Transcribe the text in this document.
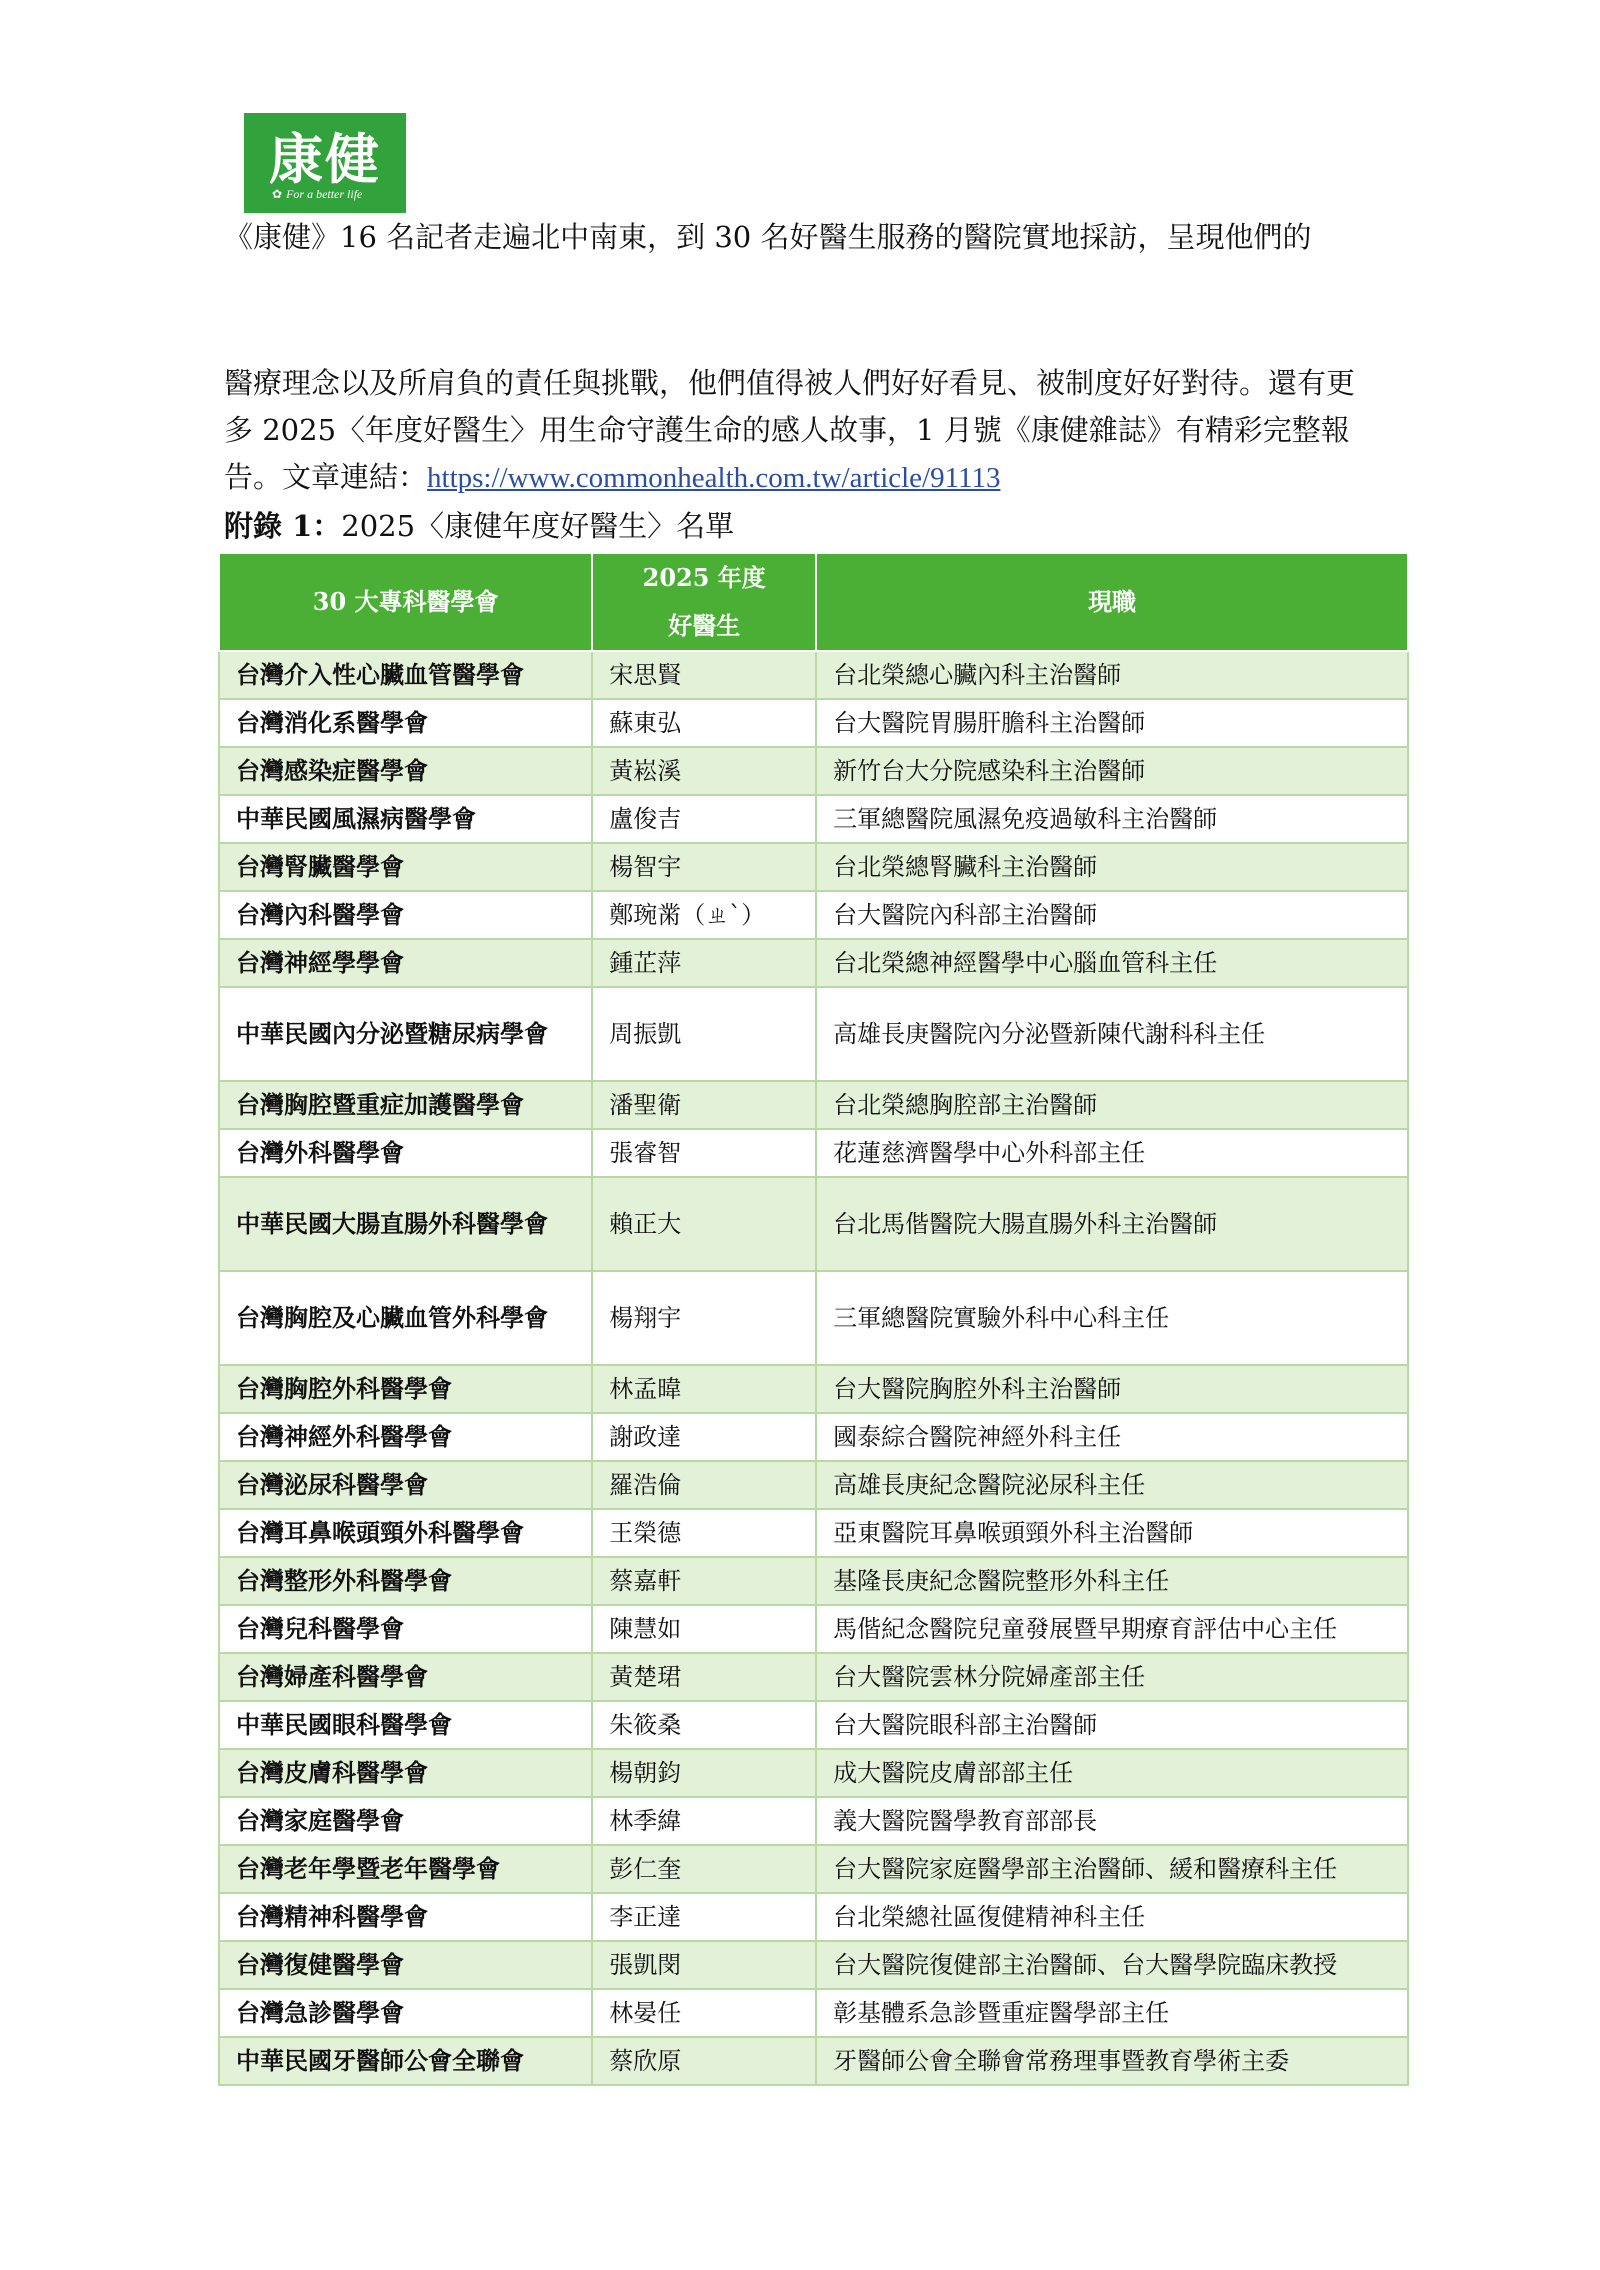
康健
✿ For a better life
《康健》16 名記者走遍北中南東，到 30 名好醫生服務的醫院實地採訪，呈現他們的
醫療理念以及所肩負的責任與挑戰，他們值得被人們好好看見、被制度好好對待。還有更多 2025〈年度好醫生〉用生命守護生命的感人故事，1 月號《康健雜誌》有精彩完整報告。文章連結：https://www.commonhealth.com.tw/article/91113
附錄 1：2025〈康健年度好醫生〉名單
30 大專科醫學會	2025 年度好醫生	現職
台灣介入性心臟血管醫學會	宋思賢	台北榮總心臟內科主治醫師
台灣消化系醫學會	蘇東弘	台大醫院胃腸肝膽科主治醫師
台灣感染症醫學會	黃崧溪	新竹台大分院感染科主治醫師
中華民國風濕病醫學會	盧俊吉	三軍總醫院風濕免疫過敏科主治醫師
台灣腎臟醫學會	楊智宇	台北榮總腎臟科主治醫師
台灣內科醫學會	鄭琬黹（ㄓˋ）	台大醫院內科部主治醫師
台灣神經學學會	鍾芷萍	台北榮總神經醫學中心腦血管科主任
中華民國內分泌暨糖尿病學會	周振凱	高雄長庚醫院內分泌暨新陳代謝科科主任
台灣胸腔暨重症加護醫學會	潘聖衛	台北榮總胸腔部主治醫師
台灣外科醫學會	張睿智	花蓮慈濟醫學中心外科部主任
中華民國大腸直腸外科醫學會	賴正大	台北馬偕醫院大腸直腸外科主治醫師
台灣胸腔及心臟血管外科學會	楊翔宇	三軍總醫院實驗外科中心科主任
台灣胸腔外科醫學會	林孟暐	台大醫院胸腔外科主治醫師
台灣神經外科醫學會	謝政達	國泰綜合醫院神經外科主任
台灣泌尿科醫學會	羅浩倫	高雄長庚紀念醫院泌尿科主任
台灣耳鼻喉頭頸外科醫學會	王榮德	亞東醫院耳鼻喉頭頸外科主治醫師
台灣整形外科醫學會	蔡嘉軒	基隆長庚紀念醫院整形外科主任
台灣兒科醫學會	陳慧如	馬偕紀念醫院兒童發展暨早期療育評估中心主任
台灣婦產科醫學會	黃楚珺	台大醫院雲林分院婦產部主任
中華民國眼科醫學會	朱筱桑	台大醫院眼科部主治醫師
台灣皮膚科醫學會	楊朝鈞	成大醫院皮膚部部主任
台灣家庭醫學會	林季緯	義大醫院醫學教育部部長
台灣老年學暨老年醫學會	彭仁奎	台大醫院家庭醫學部主治醫師、緩和醫療科主任
台灣精神科醫學會	李正達	台北榮總社區復健精神科主任
台灣復健醫學會	張凱閔	台大醫院復健部主治醫師、台大醫學院臨床教授
台灣急診醫學會	林晏任	彰基體系急診暨重症醫學部主任
中華民國牙醫師公會全聯會	蔡欣原	牙醫師公會全聯會常務理事暨教育學術主委
